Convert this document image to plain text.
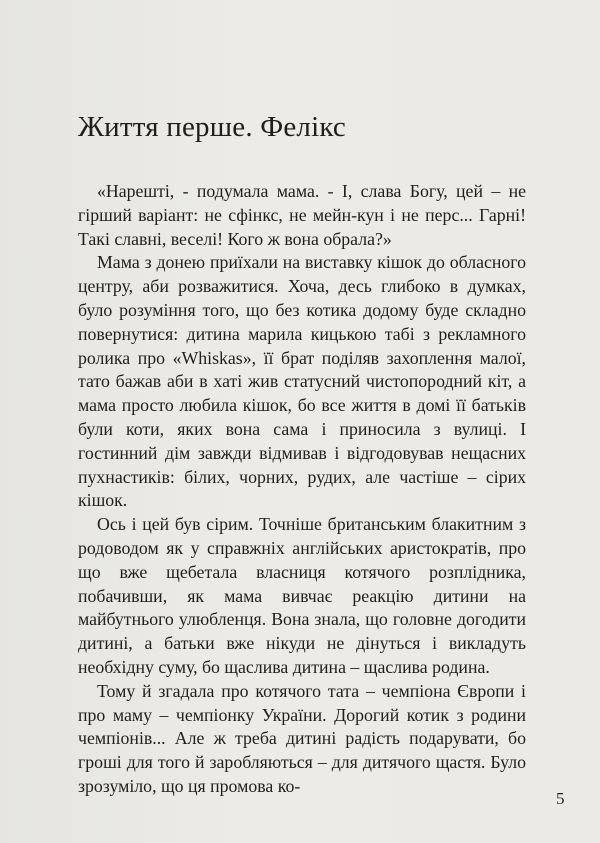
Життя перше. Фелікс

«Нарешті, - подумала мама. - І, слава Богу, цей – не гірший варіант: не сфінкс, не мейн-кун і не перс... Гарні! Такі славні, веселі! Кого ж вона обрала?»

Мама з донею приїхали на виставку кішок до обласного центру, аби розважитися. Хоча, десь глибоко в думках, було розуміння того, що без котика додому буде складно повернутися: дитина марила кицькою табі з рекламного ролика про «Whiskas», її брат поділяв захоплення малої, тато бажав аби в хаті жив статусний чистопородний кіт, а мама просто любила кішок, бо все життя в домі її батьків були коти, яких вона сама і приносила з вулиці. І гостинний дім завжди відмивав і відгодовував нещасних пухнастиків: білих, чорних, рудих, але частіше – сірих кішок.

Ось і цей був сірим. Точніше британським блакитним з родоводом як у справжніх англійських аристократів, про що вже щебетала власниця котячого розплідника, побачивши, як мама вивчає реакцію дитини на майбутнього улюбленця. Вона знала, що головне догодити дитині, а батьки вже нікуди не дінуться і викладуть необхідну суму, бо щаслива дитина – щаслива родина.

Тому й згадала про котячого тата – чемпіона Європи і про маму – чемпіонку України. Дорогий котик з родини чемпіонів... Але ж треба дитині радість подарувати, бо гроші для того й заробляються – для дитячого щастя. Було зрозуміло, що ця промова ко-

5
